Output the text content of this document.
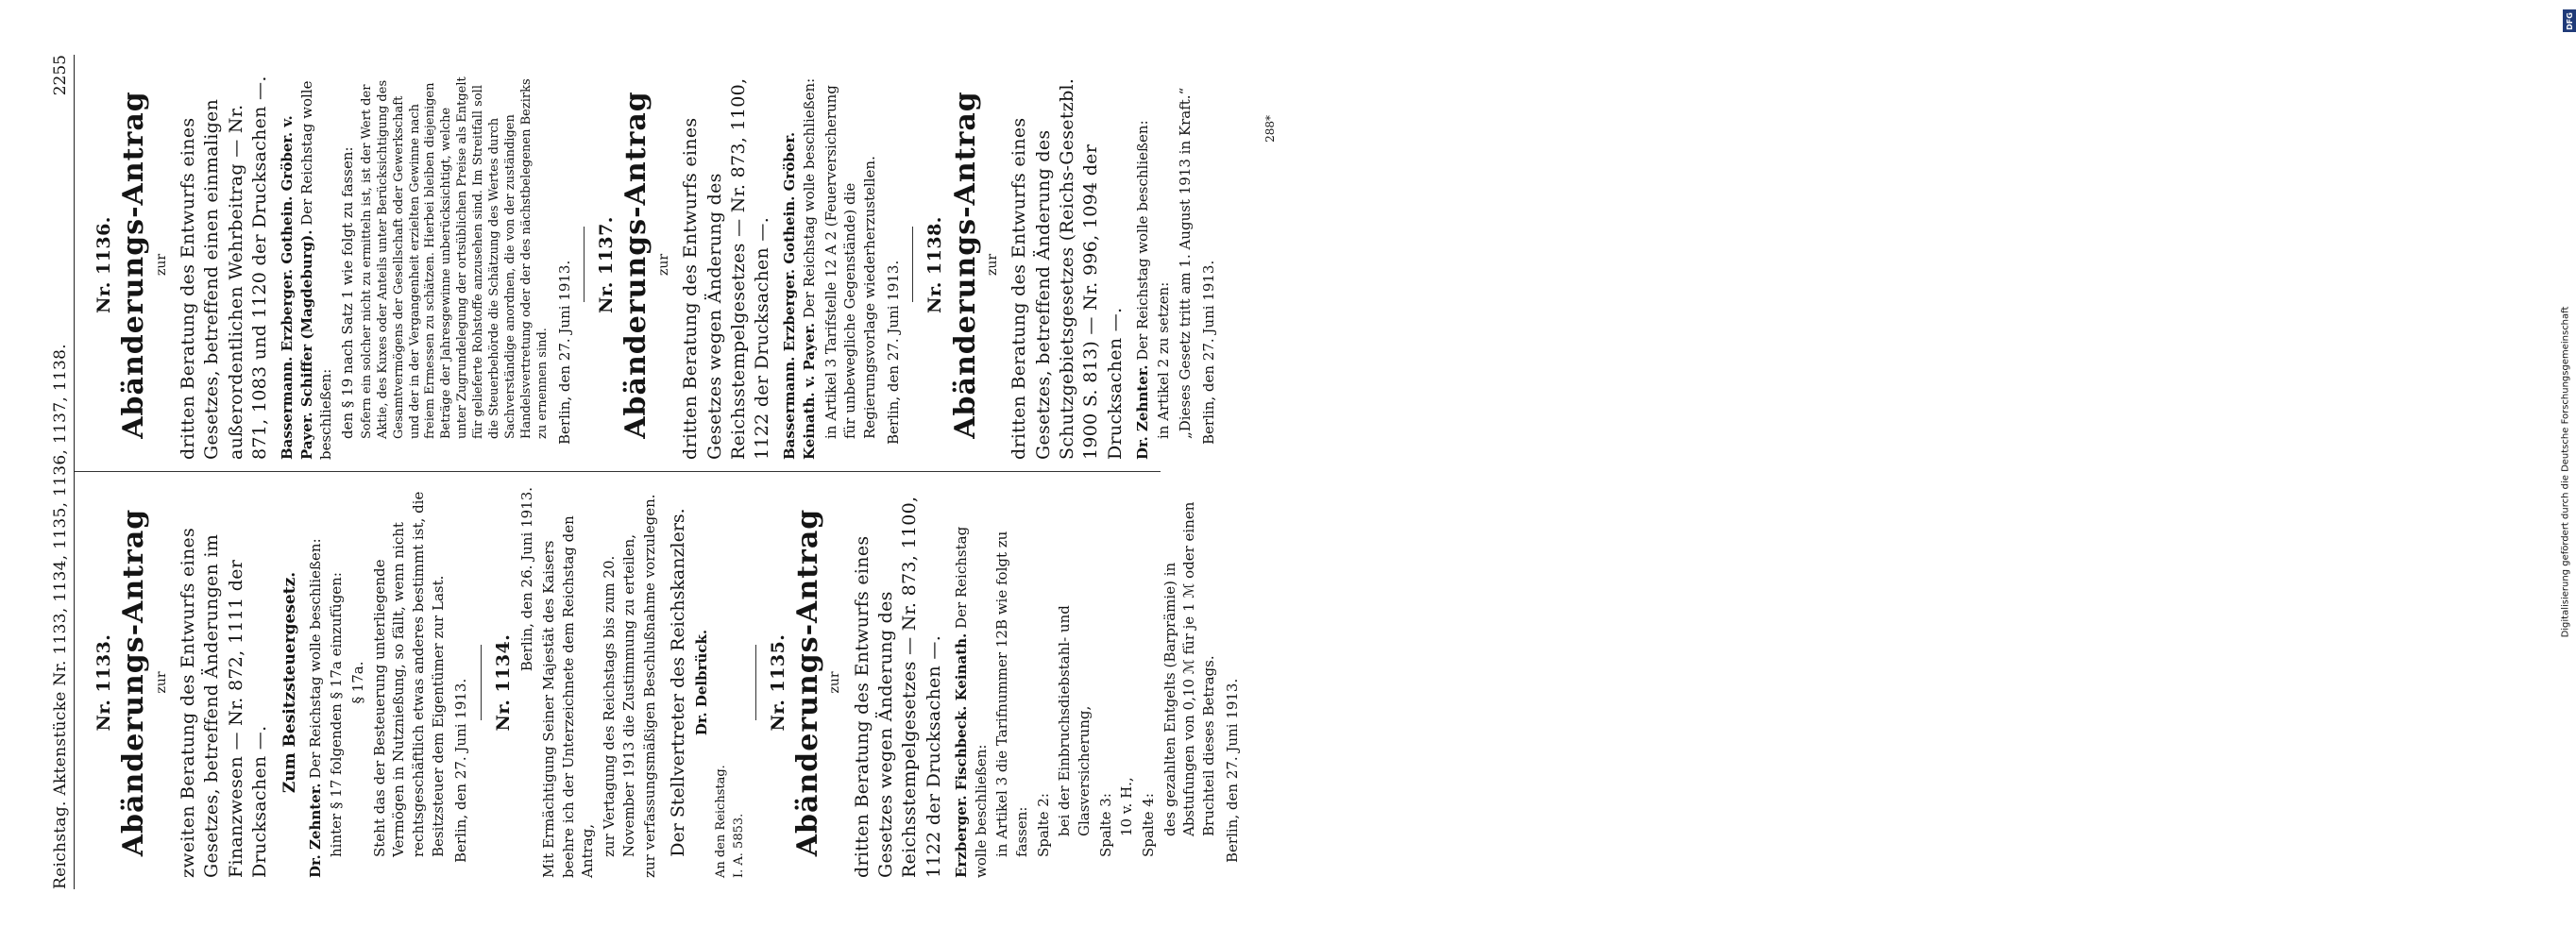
DFG
Digitalisierung gefördert durch die Deutsche Forschungsgemeinschaft
Reichstag. Aktenstücke Nr. 1133, 1134, 1135, 1136, 1137, 1138.
2255
Nr. 1133. Abänderungs-Antrag zur zweiten Beratung des Entwurfs eines Gesetzes, betreffend Änderungen im Finanzwesen — Nr. 872, 1111 der Drucksachen —.

Zum Besitzsteuergesetz.

Dr. Zehnter. Der Reichstag wolle beschließen: hinter § 17 folgenden § 17a einzufügen: § 17a. Steht das der Besteuerung unterliegende Vermögen in Nutznießung, so fällt, wenn nicht rechtsgeschäftlich etwas anderes bestimmt ist, die Besitzsteuer dem Eigentümer zur Last. Berlin, den 27. Juni 1913. Nr. 1134.

Berlin, den 26. Juni 1913. Mit Ermächtigung Seiner Majestät des Kaisers beehre ich der Unterzeichnete dem Reichstag den Antrag, zur Vertagung des Reichstags bis zum 20. November 1913 die Zustimmung zu erteilen, zur verfassungsmäßigen Beschlußnahme vorzulegen. Der Stellvertreter des Reichskanzlers. Dr. Delbrück.

An den Reichstag. I. A. 5853.

Nr. 1135. Abänderungs-Antrag zur dritten Beratung des Entwurfs eines Gesetzes wegen Änderung des Reichsstempelgesetzes — Nr. 873, 1100, 1122 der Drucksachen —. Erzberger. Fischbeck. Keinath. Der Reichstag wolle beschließen: in Artikel 3 die Tarifnummer 12B wie folgt zu fassen: Spalte 2: bei der Einbruchsdiebstahl- und Glasversicherung, Spalte 3: 10 v. H., Spalte 4: des gezahlten Entgelts (Barprämie) in Abstufungen von 0,10 ℳ für je 1 ℳ oder einen Bruchteil dieses Betrags. Berlin, den 27. Juni 1913.

Nr. 1136. Abänderungs-Antrag zur dritten Beratung des Entwurfs eines Gesetzes, betreffend einen einmaligen außerordentlichen Wehrbeitrag — Nr. 871, 1083 und 1120 der Drucksachen —. Bassermann. Erzberger. Gothein. Gröber. v. Payer. Schiffer (Magdeburg). Der Reichstag wolle beschließen: den § 19 nach Satz 1 wie folgt zu fassen: Sofern ein solcher nicht zu ermitteln ist, ist der Wert der Aktie, des Kuxes oder Anteils unter Berücksichtigung des Gesamtvermögens der Gesellschaft oder Gewerkschaft und der in der Vergangenheit erzielten Gewinne nach freiem Ermessen zu schätzen. Hierbei bleiben diejenigen Beträge der Jahresgewinne unberücksichtigt, welche unter Zugrundelegung der ortsüblichen Preise als Entgelt für gelieferte Rohstoffe anzusehen sind. Im Streitfall soll die Steuerbehörde die Schätzung des Wertes durch Sachverständige anordnen, die von der zuständigen Handelsvertretung oder der des nächstbelegenen Bezirks zu ernennen sind. Berlin, den 27. Juni 1913. Nr. 1137. Abänderungs-Antrag zur dritten Beratung des Entwurfs eines Gesetzes wegen Änderung des Reichsstempelgesetzes — Nr. 873, 1100, 1122 der Drucksachen —. Bassermann. Erzberger. Gothein. Gröber. Keinath. v. Payer. Der Reichstag wolle beschließen: in Artikel 3 Tarifstelle 12 A 2 (Feuerversicherung für unbewegliche Gegenstände) die Regierungsvorlage wiederherzustellen. Berlin, den 27. Juni 1913. Nr. 1138. Abänderungs-Antrag zur dritten Beratung des Entwurfs eines Gesetzes, betreffend Änderung des Schutzgebietsgesetzes (Reichs-Gesetzbl. 1900 S. 813) — Nr. 996, 1094 der Drucksachen —. Dr. Zehnter. Der Reichstag wolle beschließen:

in Artikel 2 zu setzen: „Dieses Gesetz tritt am 1. August 1913 in Kraft.“ Berlin, den 27. Juni 1913.

288*
